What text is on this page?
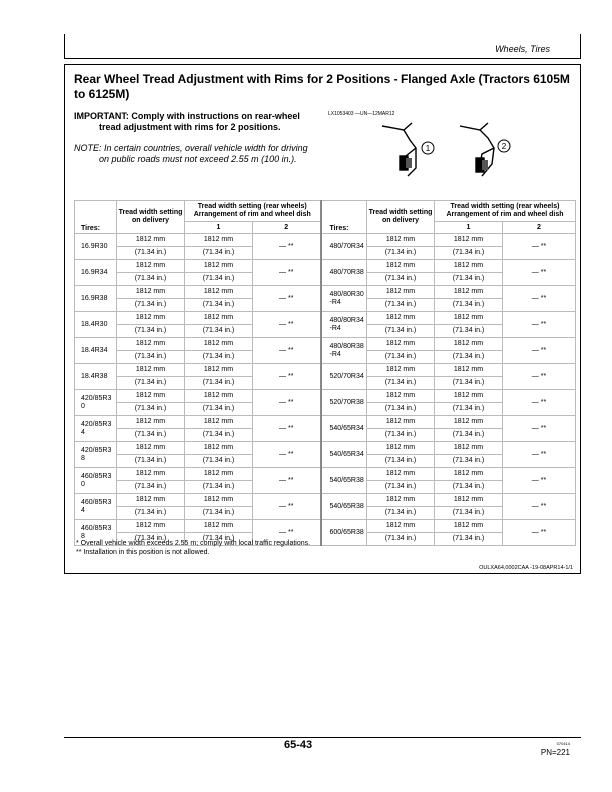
Wheels, Tires
Rear Wheel Tread Adjustment with Rims for 2 Positions - Flanged Axle (Tractors 6105M to 6125M)
IMPORTANT: Comply with instructions on rear-wheel
tread adjustment with rims for 2 positions.
NOTE: In certain countries, overall vehicle width for driving
on public roads must not exceed 2.55 m (100 in.).
LX1053403 —UN—12MAR12
1	2
Tires:	Tread width setting on delivery	Tread width setting (rear wheels) Arrangement of rim and wheel dish		Tires:	Tread width setting on delivery	Tread width setting (rear wheels) Arrangement of rim and wheel dish	
		1	2			1	2
16.9R30	1812 mm	1812 mm	— **	480/70R34	1812 mm	1812 mm	— **
	(71.34 in.)	(71.34 in.)			(71.34 in.)	(71.34 in.)	
16.9R34	1812 mm	1812 mm	— **	480/70R38	1812 mm	1812 mm	— **
	(71.34 in.)	(71.34 in.)			(71.34 in.)	(71.34 in.)	
16.9R38	1812 mm	1812 mm	— **	480/80R30 -R4	1812 mm	1812 mm	— **
	(71.34 in.)	(71.34 in.)			(71.34 in.)	(71.34 in.)	
18.4R30	1812 mm	1812 mm	— **	480/80R34 -R4	1812 mm	1812 mm	— **
	(71.34 in.)	(71.34 in.)			(71.34 in.)	(71.34 in.)	
18.4R34	1812 mm	1812 mm	— **	480/80R38 -R4	1812 mm	1812 mm	— **
	(71.34 in.)	(71.34 in.)			(71.34 in.)	(71.34 in.)	
18.4R38	1812 mm	1812 mm	— **	520/70R34	1812 mm	1812 mm	— **
	(71.34 in.)	(71.34 in.)			(71.34 in.)	(71.34 in.)	
420/85R3 0	1812 mm	1812 mm	— **	520/70R38	1812 mm	1812 mm	— **
	(71.34 in.)	(71.34 in.)			(71.34 in.)	(71.34 in.)	
420/85R3 4	1812 mm	1812 mm	— **	540/65R34	1812 mm	1812 mm	— **
	(71.34 in.)	(71.34 in.)			(71.34 in.)	(71.34 in.)	
420/85R3 8	1812 mm	1812 mm	— **	540/65R34	1812 mm	1812 mm	— **
	(71.34 in.)	(71.34 in.)			(71.34 in.)	(71.34 in.)	
460/85R3 0	1812 mm	1812 mm	— **	540/65R38	1812 mm	1812 mm	— **
	(71.34 in.)	(71.34 in.)			(71.34 in.)	(71.34 in.)	
460/85R3 4	1812 mm	1812 mm	— **	540/65R38	1812 mm	1812 mm	— **
	(71.34 in.)	(71.34 in.)			(71.34 in.)	(71.34 in.)	
460/85R3 8	1812 mm	1812 mm	— **	600/65R38	1812 mm	1812 mm	— **
	(71.34 in.)	(71.34 in.)			(71.34 in.)	(71.34 in.)	
* Overall vehicle width exceeds 2.55 m; comply with local traffic regulations.
** Installation in this position is not allowed.
OULXA64,0002CAA -19-08APR14-1/1
65-43	070414
PN=221
